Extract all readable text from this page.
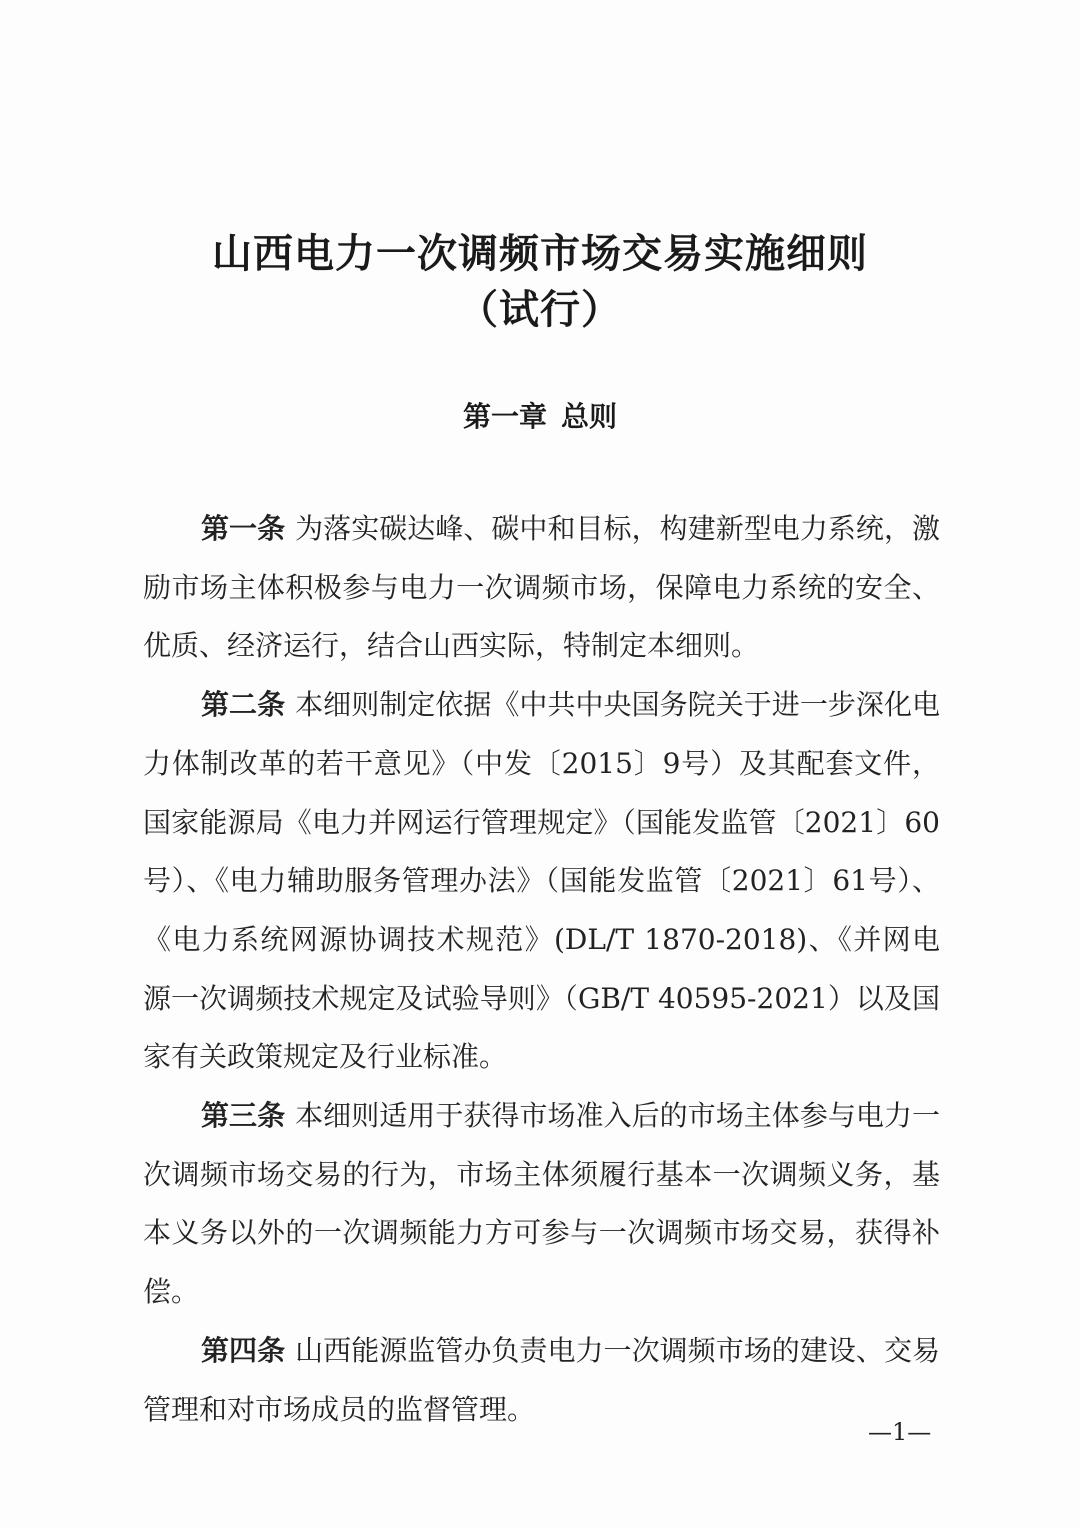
山西电力一次调频市场交易实施细则
（试行）
第一章 总则

第一条 为落实碳达峰、碳中和目标，构建新型电力系统，激励市场主体积极参与电力一次调频市场，保障电力系统的安全、优质、经济运行，结合山西实际，特制定本细则。

第二条 本细则制定依据《中共中央国务院关于进一步深化电力体制改革的若干意见》（中发〔2015〕9号）及其配套文件，国家能源局《电力并网运行管理规定》（国能发监管〔2021〕60号）、《电力辅助服务管理办法》（国能发监管〔2021〕61号）、《电力系统网源协调技术规范》(DL/T 1870-2018)、《并网电源一次调频技术规定及试验导则》（GB/T 40595-2021）以及国家有关政策规定及行业标准。

第三条 本细则适用于获得市场准入后的市场主体参与电力一次调频市场交易的行为，市场主体须履行基本一次调频义务，基本义务以外的一次调频能力方可参与一次调频市场交易，获得补偿。

第四条 山西能源监管办负责电力一次调频市场的建设、交易管理和对市场成员的监督管理。

—1—
